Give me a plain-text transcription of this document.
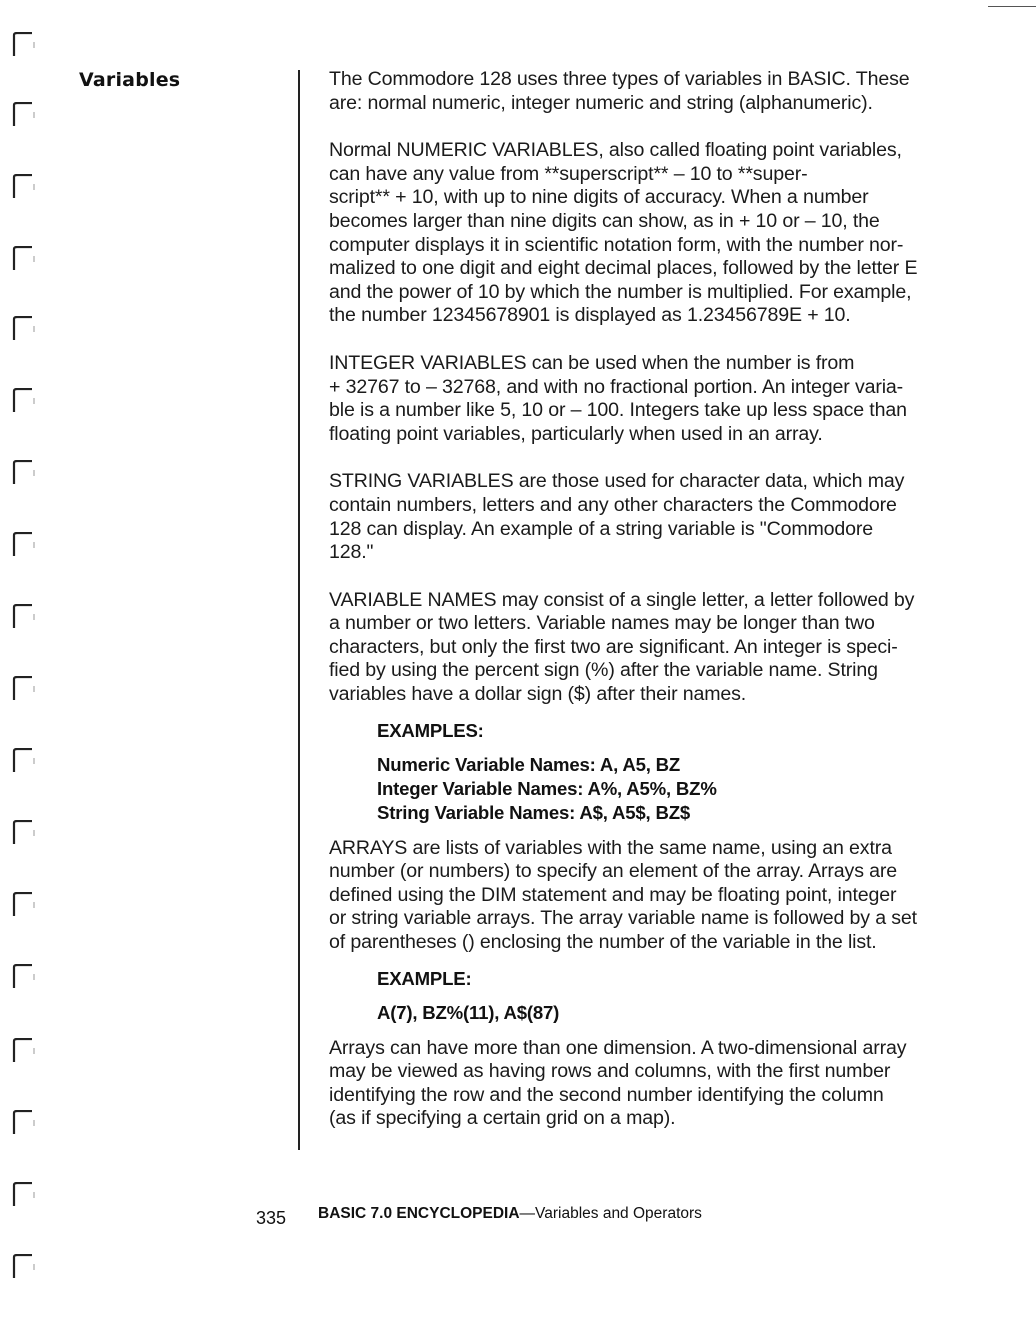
Variables	The Commodore 128 uses three types of variables in BASIC. These
are: normal numeric, integer numeric and string (alphanumeric).

Normal NUMERIC VARIABLES, also called floating point variables,
can have any value from **superscript** – 10 to **super-
script** + 10, with up to nine digits of accuracy. When a number
becomes larger than nine digits can show, as in + 10 or – 10, the
computer displays it in scientific notation form, with the number nor-
malized to one digit and eight decimal places, followed by the letter E
and the power of 10 by which the number is multiplied. For example,
the number 12345678901 is displayed as 1.23456789E + 10.

INTEGER VARIABLES can be used when the number is from
+ 32767 to – 32768, and with no fractional portion. An integer varia-
ble is a number like 5, 10 or – 100. Integers take up less space than
floating point variables, particularly when used in an array.

STRING VARIABLES are those used for character data, which may
contain numbers, letters and any other characters the Commodore
128 can display. An example of a string variable is "Commodore
128."

VARIABLE NAMES may consist of a single letter, a letter followed by
a number or two letters. Variable names may be longer than two
characters, but only the first two are significant. An integer is speci-
fied by using the percent sign (%) after the variable name. String
variables have a dollar sign ($) after their names.

EXAMPLES:
Numeric Variable Names: A, A5, BZ
Integer Variable Names: A%, A5%, BZ%
String Variable Names: A$, A5$, BZ$

ARRAYS are lists of variables with the same name, using an extra
number (or numbers) to specify an element of the array. Arrays are
defined using the DIM statement and may be floating point, integer
or string variable arrays. The array variable name is followed by a set
of parentheses () enclosing the number of the variable in the list.

EXAMPLE:
A(7), BZ%(11), A$(87)

Arrays can have more than one dimension. A two-dimensional array
may be viewed as having rows and columns, with the first number
identifying the row and the second number identifying the column
(as if specifying a certain grid on a map).

335 BASIC 7.0 ENCYCLOPEDIA—Variables and Operators
